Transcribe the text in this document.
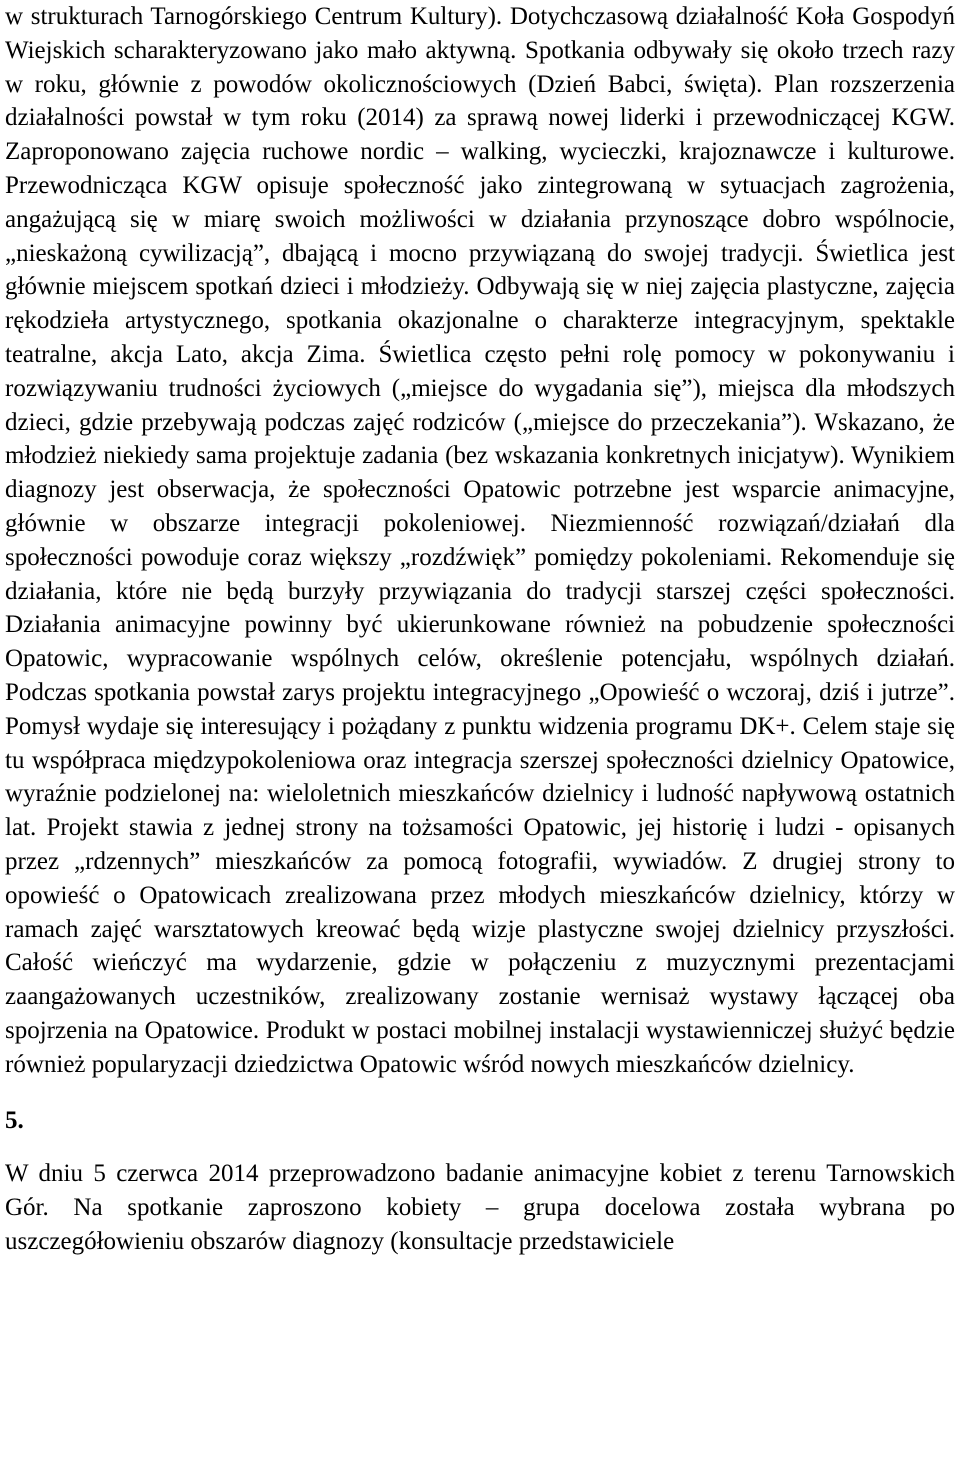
w strukturach Tarnogórskiego Centrum Kultury). Dotychczasową działalność Koła Gospodyń Wiejskich scharakteryzowano jako mało aktywną. Spotkania odbywały się około trzech razy w roku, głównie z powodów okolicznościowych (Dzień Babci, święta). Plan rozszerzenia działalności powstał w tym roku (2014) za sprawą nowej liderki i przewodniczącej KGW. Zaproponowano zajęcia ruchowe nordic – walking, wycieczki, krajoznawcze i kulturowe. Przewodnicząca KGW opisuje społeczność jako zintegrowaną w sytuacjach zagrożenia, angażującą się w miarę swoich możliwości w działania przynoszące dobro wspólnocie, „nieskażoną cywilizacją”, dbającą i mocno przywiązaną do swojej tradycji. Świetlica jest głównie miejscem spotkań dzieci i młodzieży. Odbywają się w niej zajęcia plastyczne, zajęcia rękodzieła artystycznego, spotkania okazjonalne o charakterze integracyjnym, spektakle teatralne, akcja Lato, akcja Zima. Świetlica często pełni rolę pomocy w pokonywaniu i rozwiązywaniu trudności życiowych („miejsce do wygadania się”), miejsca dla młodszych dzieci, gdzie przebywają podczas zajęć rodziców („miejsce do przeczekania”). Wskazano, że młodzież niekiedy sama projektuje zadania (bez wskazania konkretnych inicjatyw). Wynikiem diagnozy jest obserwacja, że społeczności Opatowic potrzebne jest wsparcie animacyjne, głównie w obszarze integracji pokoleniowej. Niezmienność rozwiązań/działań dla społeczności powoduje coraz większy „rozdźwięk” pomiędzy pokoleniami. Rekomenduje się działania, które nie będą burzyły przywiązania do tradycji starszej części społeczności. Działania animacyjne powinny być ukierunkowane również na pobudzenie społeczności Opatowic, wypracowanie wspólnych celów, określenie potencjału, wspólnych działań. Podczas spotkania powstał zarys projektu integracyjnego „Opowieść o wczoraj, dziś i jutrze”. Pomysł wydaje się interesujący i pożądany z punktu widzenia programu DK+. Celem staje się tu współpraca międzypokoleniowa oraz integracja szerszej społeczności dzielnicy Opatowice, wyraźnie podzielonej na: wieloletnich mieszkańców dzielnicy i ludność napływową ostatnich lat. Projekt stawia z jednej strony na tożsamości Opatowic, jej historię i ludzi - opisanych przez „rdzennych” mieszkańców za pomocą fotografii, wywiadów. Z drugiej strony to opowieść o Opatowicach zrealizowana przez młodych mieszkańców dzielnicy, którzy w ramach zajęć warsztatowych kreować będą wizje plastyczne swojej dzielnicy przyszłości. Całość wieńczyć ma wydarzenie, gdzie w połączeniu z muzycznymi prezentacjami zaangażowanych uczestników, zrealizowany zostanie wernisaż wystawy łączącej oba spojrzenia na Opatowice. Produkt w postaci mobilnej instalacji wystawienniczej służyć będzie również popularyzacji dziedzictwa Opatowic wśród nowych mieszkańców dzielnicy.

5.

W dniu 5 czerwca 2014 przeprowadzono badanie animacyjne kobiet z terenu Tarnowskich Gór. Na spotkanie zaproszono kobiety – grupa docelowa została wybrana po uszczegółowieniu obszarów diagnozy (konsultacje przedstawiciele
